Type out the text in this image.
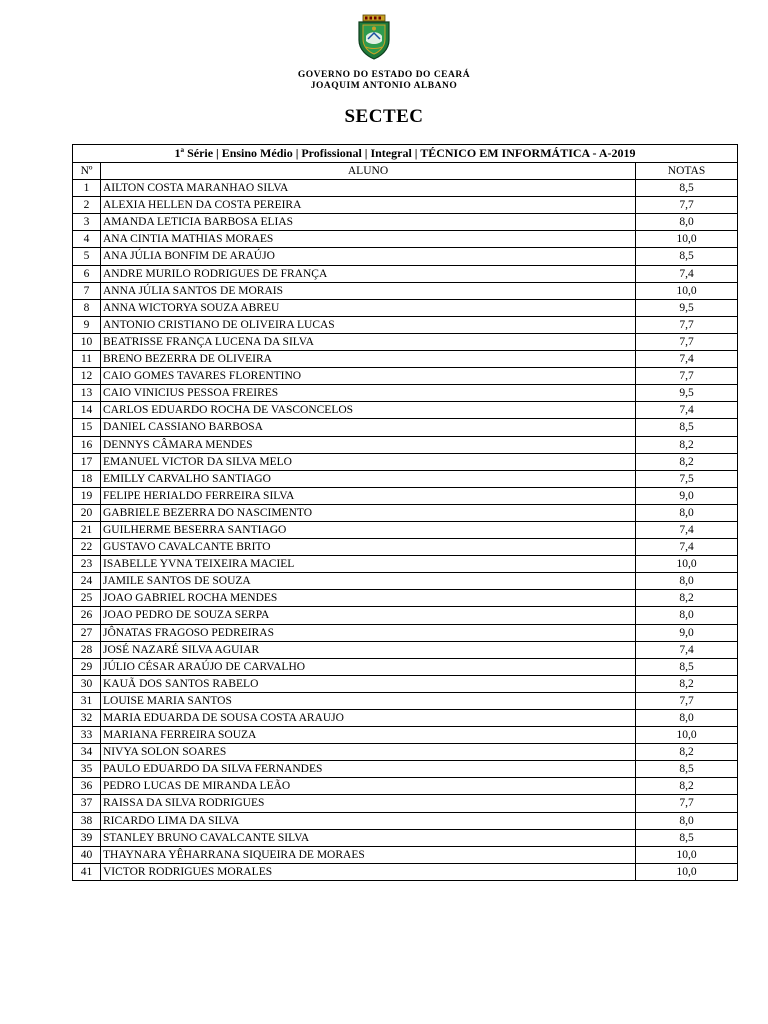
GOVERNO DO ESTADO DO CEARÁ
JOAQUIM ANTONIO ALBANO
SECTEC
1ª Série | Ensino Médio | Profissional | Integral | TÉCNICO EM INFORMÁTICA - A-2019		
Nº	ALUNO	NOTAS
1	AILTON COSTA MARANHAO SILVA	8,5
2	ALEXIA HELLEN DA COSTA PEREIRA	7,7
3	AMANDA LETICIA BARBOSA ELIAS	8,0
4	ANA CINTIA MATHIAS MORAES	10,0
5	ANA JÚLIA BONFIM DE ARAÚJO	8,5
6	ANDRE MURILO RODRIGUES DE FRANÇA	7,4
7	ANNA JÚLIA SANTOS DE MORAIS	10,0
8	ANNA WICTORYA SOUZA ABREU	9,5
9	ANTONIO CRISTIANO DE OLIVEIRA LUCAS	7,7
10	BEATRISSE FRANÇA LUCENA DA SILVA	7,7
11	BRENO BEZERRA DE OLIVEIRA	7,4
12	CAIO GOMES TAVARES FLORENTINO	7,7
13	CAIO VINICIUS PESSOA FREIRES	9,5
14	CARLOS EDUARDO ROCHA DE VASCONCELOS	7,4
15	DANIEL CASSIANO BARBOSA	8,5
16	DENNYS CÂMARA MENDES	8,2
17	EMANUEL VICTOR DA SILVA MELO	8,2
18	EMILLY CARVALHO SANTIAGO	7,5
19	FELIPE HERIALDO FERREIRA SILVA	9,0
20	GABRIELE BEZERRA DO NASCIMENTO	8,0
21	GUILHERME BESERRA SANTIAGO	7,4
22	GUSTAVO CAVALCANTE BRITO	7,4
23	ISABELLE YVNA TEIXEIRA MACIEL	10,0
24	JAMILE SANTOS DE SOUZA	8,0
25	JOAO GABRIEL ROCHA MENDES	8,2
26	JOAO PEDRO DE SOUZA SERPA	8,0
27	JÔNATAS FRAGOSO PEDREIRAS	9,0
28	JOSÉ NAZARÉ SILVA AGUIAR	7,4
29	JÚLIO CÉSAR ARAÚJO DE CARVALHO	8,5
30	KAUÃ DOS SANTOS RABELO	8,2
31	LOUISE MARIA SANTOS	7,7
32	MARIA EDUARDA DE SOUSA COSTA ARAUJO	8,0
33	MARIANA FERREIRA SOUZA	10,0
34	NIVYA SOLON SOARES	8,2
35	PAULO EDUARDO DA SILVA FERNANDES	8,5
36	PEDRO LUCAS DE MIRANDA LEÃO	8,2
37	RAISSA DA SILVA RODRIGUES	7,7
38	RICARDO LIMA DA SILVA	8,0
39	STANLEY BRUNO CAVALCANTE SILVA	8,5
40	THAYNARA YÊHARRANA SIQUEIRA DE MORAES	10,0
41	VICTOR RODRIGUES MORALES	10,0
